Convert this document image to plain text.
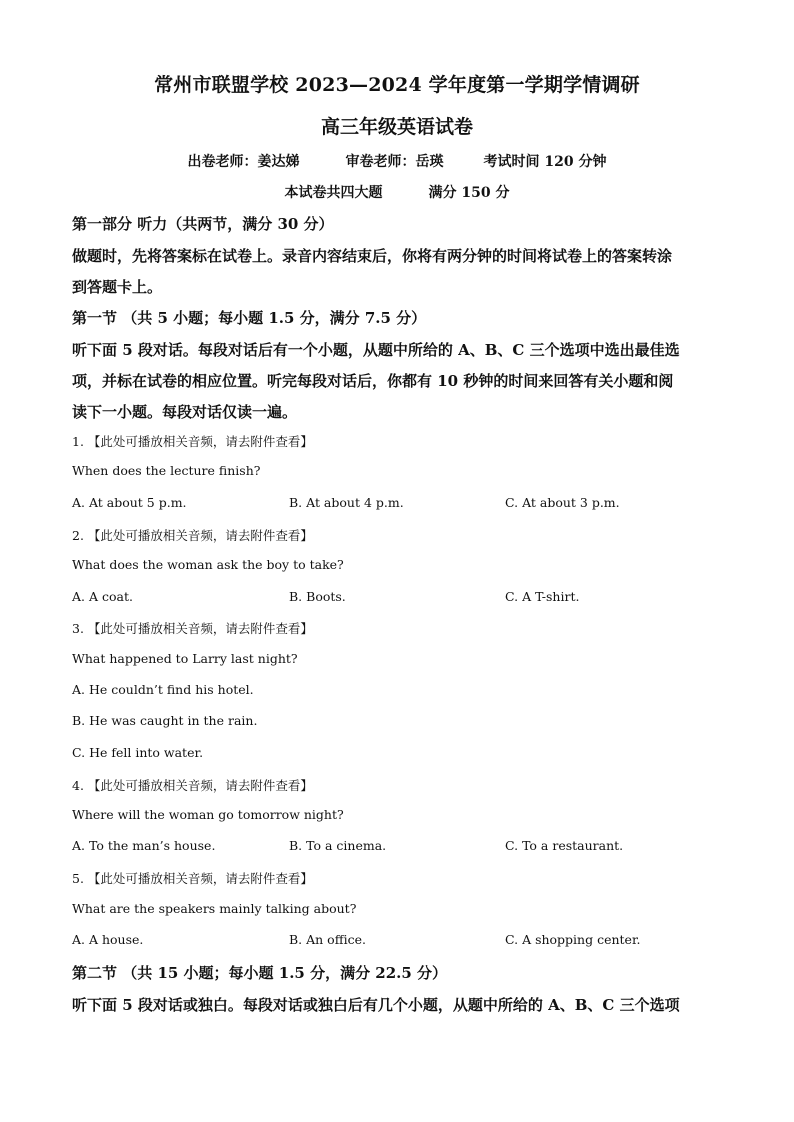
常州市联盟学校 2023—2024 学年度第一学期学情调研
高三年级英语试卷
出卷老师：姜达娣	审卷老师：岳瑛	考试时间 120 分钟
本试卷共四大题	满分 150 分
第一部分 听力（共两节，满分 30 分）
做题时，先将答案标在试卷上。录音内容结束后，你将有两分钟的时间将试卷上的答案转涂
到答题卡上。
第一节 （共 5 小题；每小题 1.5 分，满分 7.5 分）
听下面 5 段对话。每段对话后有一个小题，从题中所给的 A、B、C 三个选项中选出最佳选
项，并标在试卷的相应位置。听完每段对话后，你都有 10 秒钟的时间来回答有关小题和阅
读下一小题。每段对话仅读一遍。
1. 【此处可播放相关音频，请去附件查看】
When does the lecture finish?
A. At about 5 p.m.	B. At about 4 p.m.	C. At about 3 p.m.
2. 【此处可播放相关音频，请去附件查看】
What does the woman ask the boy to take?
A. A coat.	B. Boots.	C. A T-shirt.
3. 【此处可播放相关音频，请去附件查看】
What happened to Larry last night?
A. He couldn’t find his hotel.
B. He was caught in the rain.
C. He fell into water.
4. 【此处可播放相关音频，请去附件查看】
Where will the woman go tomorrow night?
A. To the man’s house.	B. To a cinema.	C. To a restaurant.
5. 【此处可播放相关音频，请去附件查看】
What are the speakers mainly talking about?
A. A house.	B. An office.	C. A shopping center.
第二节 （共 15 小题；每小题 1.5 分，满分 22.5 分）
听下面 5 段对话或独白。每段对话或独白后有几个小题，从题中所给的 A、B、C 三个选项
